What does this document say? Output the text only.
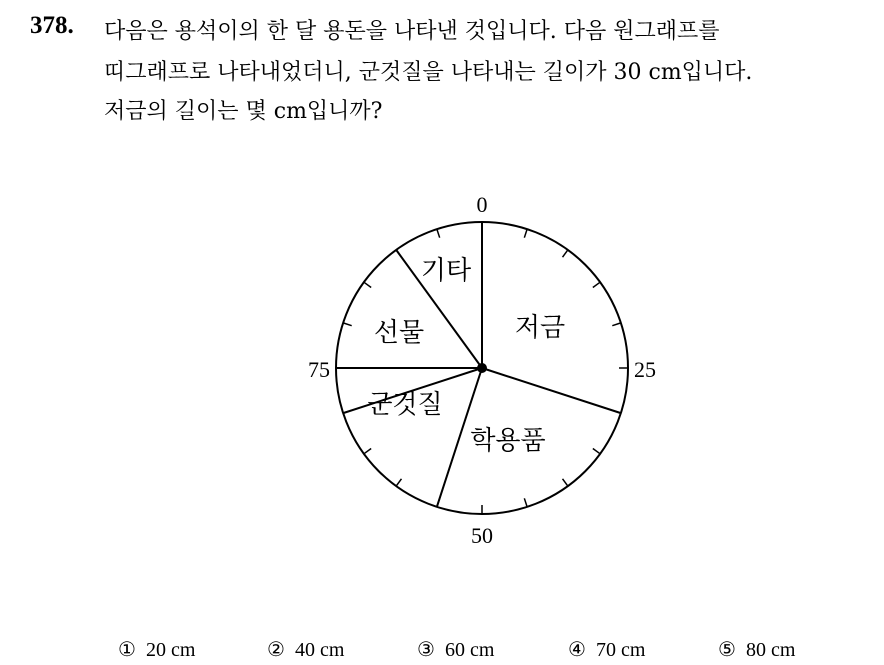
378. 다음은 용석이의 한 달 용돈을 나타낸 것입니다. 다음 원그래프를
띠그래프로 나타내었더니, 군것질을 나타내는 길이가 30 cm입니다.
저금의 길이는 몇 cm입니까?
0
25
50
75
저금
학용품
군것질
선물
기타
① 20 cm	② 40 cm	③ 60 cm	④ 70 cm	⑤ 80 cm
